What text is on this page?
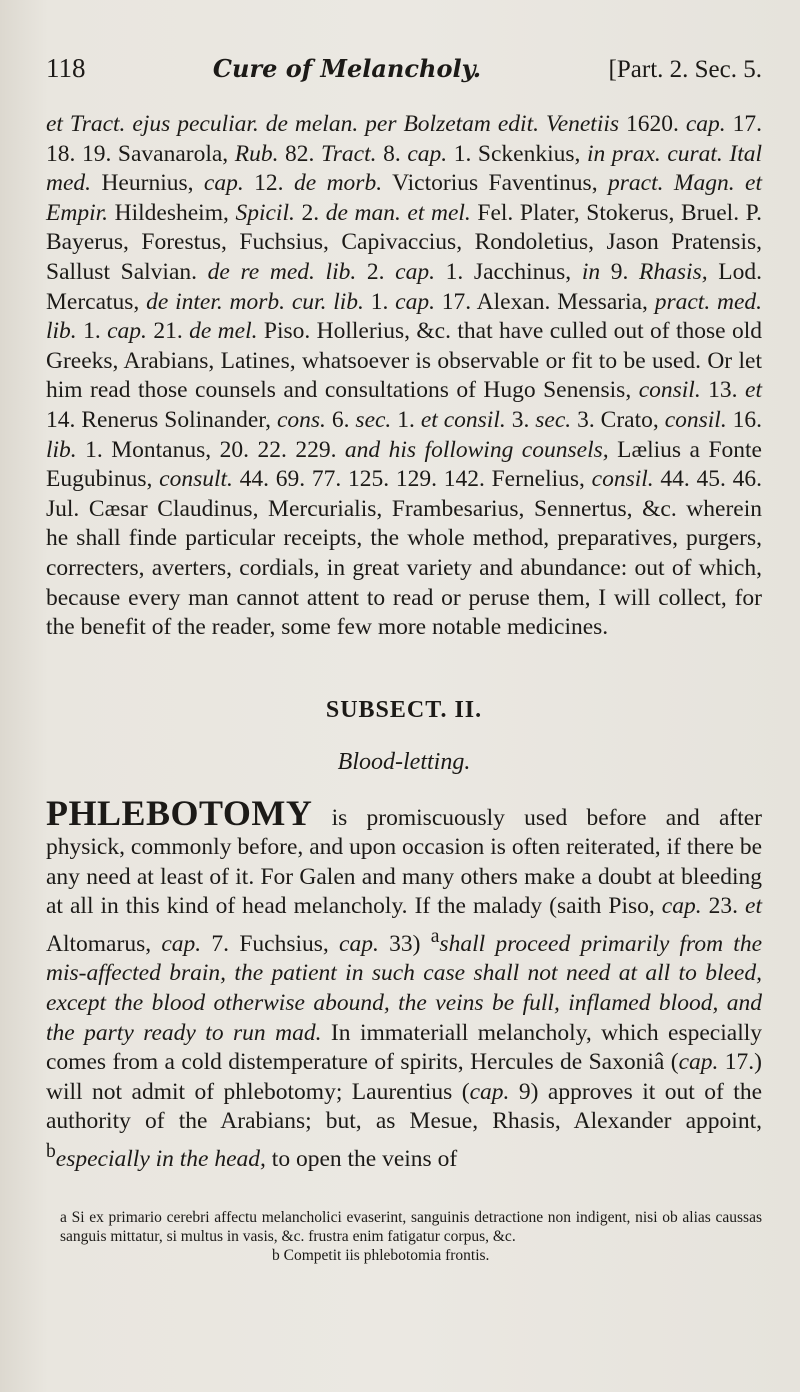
118	Cure of Melancholy.	[Part. 2. Sec. 5.

et Tract. ejus peculiar. de melan. per Bolzetam edit. Venetiis 1620. cap. 17. 18. 19. Savanarola, Rub. 82. Tract. 8. cap. 1. Sckenkius, in prax. curat. Ital med. Heurnius, cap. 12. de morb. Victorius Faventinus, pract. Magn. et Empir. Hildesheim, Spicil. 2. de man. et mel. Fel. Plater, Stokerus, Bruel. P. Bayerus, Forestus, Fuchsius, Capivaccius, Rondoletius, Jason Pratensis, Sallust Salvian. de re med. lib. 2. cap. 1. Jacchinus, in 9. Rhasis, Lod. Mercatus, de inter. morb. cur. lib. 1. cap. 17. Alexan. Messaria, pract. med. lib. 1. cap. 21. de mel. Piso. Hollerius, &c. that have culled out of those old Greeks, Arabians, Latines, whatsoever is observable or fit to be used. Or let him read those counsels and consultations of Hugo Senensis, consil. 13. et 14. Renerus Solinander, cons. 6. sec. 1. et consil. 3. sec. 3. Crato, consil. 16. lib. 1. Montanus, 20. 22. 229. and his following counsels, Lælius a Fonte Eugubinus, consult. 44. 69. 77. 125. 129. 142. Fernelius, consil. 44. 45. 46. Jul. Cæsar Claudinus, Mercurialis, Frambesarius, Sennertus, &c. wherein he shall finde particular receipts, the whole method, preparatives, purgers, correcters, averters, cordials, in great variety and abundance: out of which, because every man cannot attent to read or peruse them, I will collect, for the benefit of the reader, some few more notable medicines.

SUBSECT. II.
Blood-letting.

PHLEBOTOMY is promiscuously used before and after physick, commonly before, and upon occasion is often reiterated, if there be any need at least of it. For Galen and many others make a doubt at bleeding at all in this kind of head melancholy. If the malady (saith Piso, cap. 23. et Altomarus, cap. 7. Fuchsius, cap. 33) $^a$shall proceed primarily from the mis-affected brain, the patient in such case shall not need at all to bleed, except the blood otherwise abound, the veins be full, inflamed blood, and the party ready to run mad. In immateriall melancholy, which especially comes from a cold distemperature of spirits, Hercules de Saxoniâ (cap. 17.) will not admit of phlebotomy; Laurentius (cap. 9) approves it out of the authority of the Arabians; but, as Mesue, Rhasis, Alexander appoint, $^b$especially in the head, to open the veins of

a Si ex primario cerebri affectu melancholici evaserint, sanguinis detractione non indigent, nisi ob alias caussas sanguis mittatur, si multus in vasis, &c. frustra enim fatigatur corpus, &c.
b Competit iis phlebotomia frontis.
